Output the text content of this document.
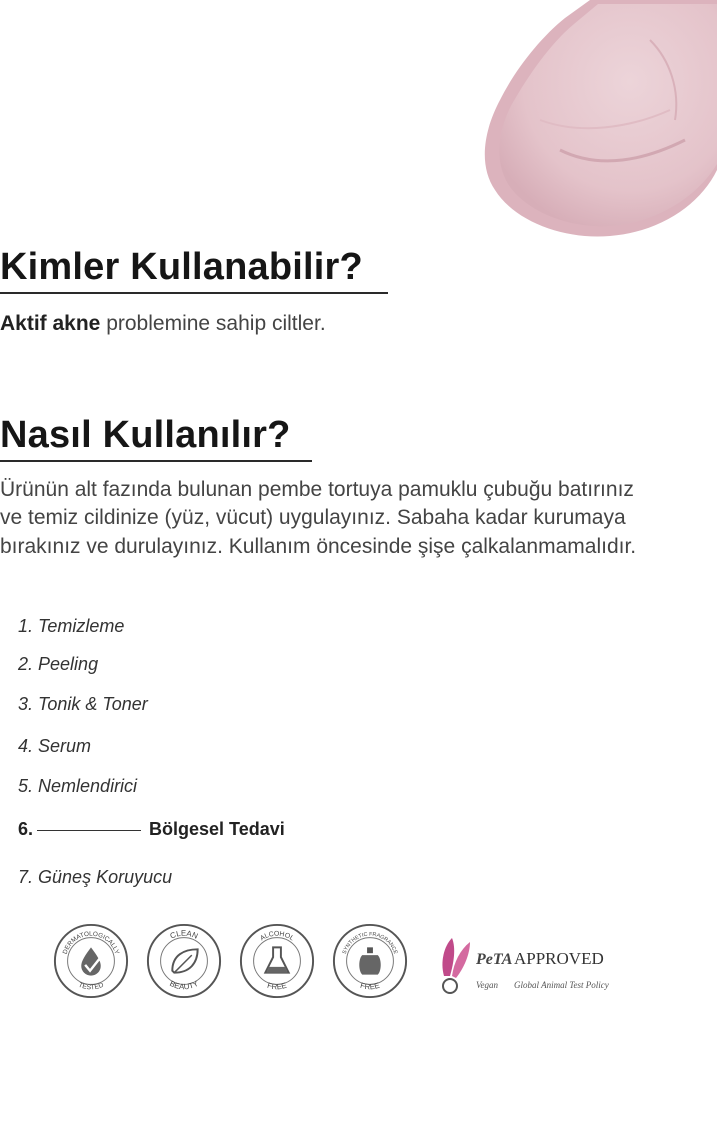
Kimler Kullanabilir?

Aktif akne problemine sahip ciltler.

Nasıl Kullanılır?

Ürünün alt fazında bulunan pembe tortuya pamuklu çubuğu batırınız ve temiz cildinize (yüz, vücut) uygulayınız. Sabaha kadar kurumaya bırakınız ve durulayınız. Kullanım öncesinde şişe çalkalanmamalıdır.

1. Temizleme
2. Peeling
3. Tonik & Toner
4. Serum
5. Nemlendirici
6.	Bölgesel Tedavi
7. Güneş Koruyucu
DERMATOLOGICALLY
TESTED
CLEAN
BEAUTY
ALCOHOL
FREE
SYNTHETIC FRAGRANCE
FREE
PeTA APPROVED
Vegan Global Animal Test Policy
